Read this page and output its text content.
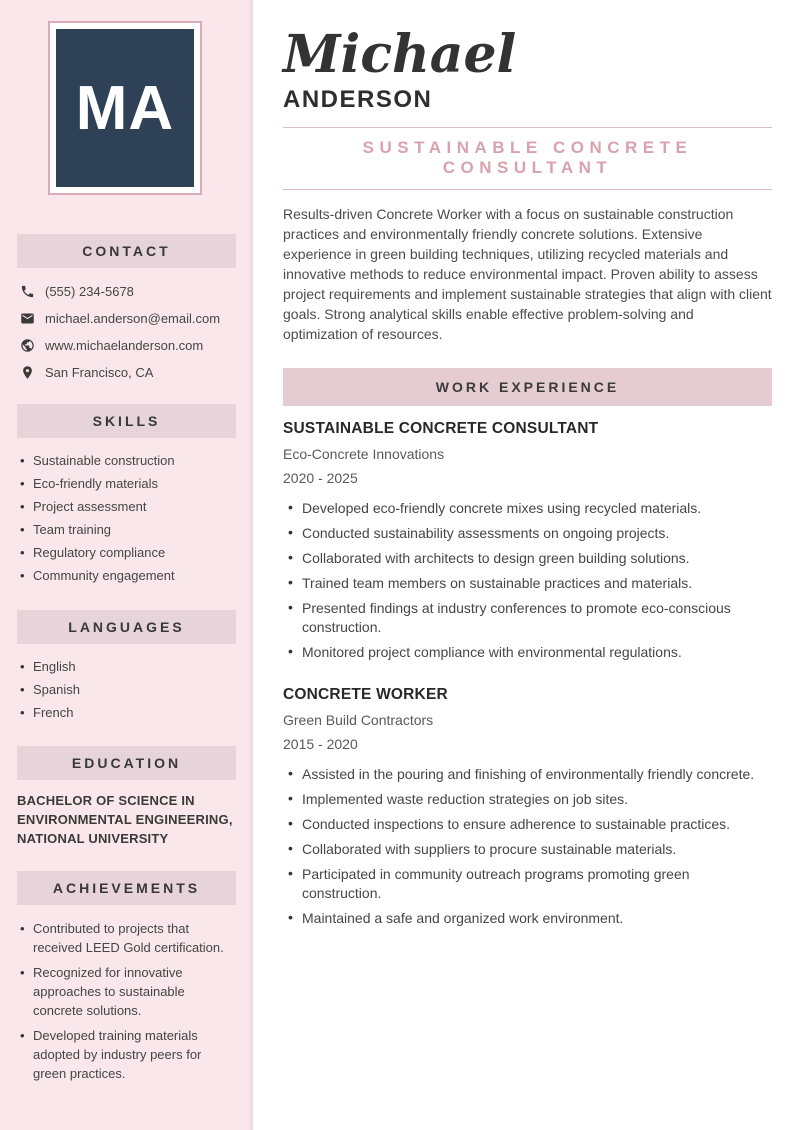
MA
CONTACT
(555) 234-5678
michael.anderson@email.com
www.michaelanderson.com
San Francisco, CA
SKILLS
• Sustainable construction
• Eco-friendly materials
• Project assessment
• Team training
• Regulatory compliance
• Community engagement
LANGUAGES
• English
• Spanish
• French
EDUCATION
BACHELOR OF SCIENCE IN ENVIRONMENTAL ENGINEERING, NATIONAL UNIVERSITY
ACHIEVEMENTS
• Contributed to projects that received LEED Gold certification.
• Recognized for innovative approaches to sustainable concrete solutions.
• Developed training materials adopted by industry peers for green practices.
Michael
ANDERSON
SUSTAINABLE CONCRETE CONSULTANT

Results-driven Concrete Worker with a focus on sustainable construction practices and environmentally friendly concrete solutions. Extensive experience in green building techniques, utilizing recycled materials and innovative methods to reduce environmental impact. Proven ability to assess project requirements and implement sustainable strategies that align with client goals. Strong analytical skills enable effective problem-solving and optimization of resources.

WORK EXPERIENCE
SUSTAINABLE CONCRETE CONSULTANT
Eco-Concrete Innovations
2020 - 2025
• Developed eco-friendly concrete mixes using recycled materials.
• Conducted sustainability assessments on ongoing projects.
• Collaborated with architects to design green building solutions.
• Trained team members on sustainable practices and materials.
• Presented findings at industry conferences to promote eco-conscious construction.
• Monitored project compliance with environmental regulations.
CONCRETE WORKER
Green Build Contractors
2015 - 2020
• Assisted in the pouring and finishing of environmentally friendly concrete.
• Implemented waste reduction strategies on job sites.
• Conducted inspections to ensure adherence to sustainable practices.
• Collaborated with suppliers to procure sustainable materials.
• Participated in community outreach programs promoting green construction.
• Maintained a safe and organized work environment.
